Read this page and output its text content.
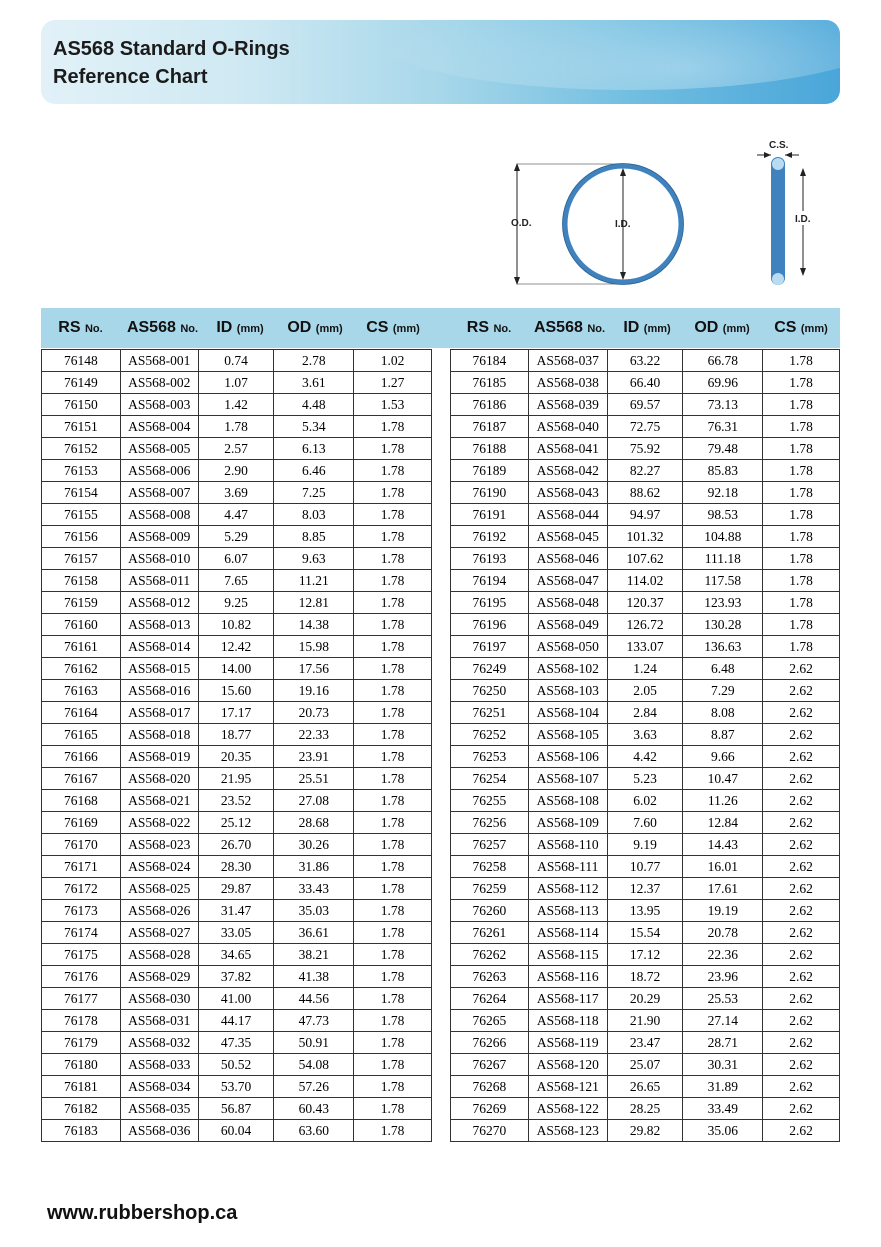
AS568 Standard O-Rings
Reference Chart
O.D.	I.D.
C.S.
I.D.
RS No.	AS568 No.	ID (mm)	OD (mm)	CS (mm)	RS No.	AS568 No.	ID (mm)	OD (mm)	CS (mm)
76148	AS568-001	0.74	2.78	1.02
76149	AS568-002	1.07	3.61	1.27
76150	AS568-003	1.42	4.48	1.53
76151	AS568-004	1.78	5.34	1.78
76152	AS568-005	2.57	6.13	1.78
76153	AS568-006	2.90	6.46	1.78
76154	AS568-007	3.69	7.25	1.78
76155	AS568-008	4.47	8.03	1.78
76156	AS568-009	5.29	8.85	1.78
76157	AS568-010	6.07	9.63	1.78
76158	AS568-011	7.65	11.21	1.78
76159	AS568-012	9.25	12.81	1.78
76160	AS568-013	10.82	14.38	1.78
76161	AS568-014	12.42	15.98	1.78
76162	AS568-015	14.00	17.56	1.78
76163	AS568-016	15.60	19.16	1.78
76164	AS568-017	17.17	20.73	1.78
76165	AS568-018	18.77	22.33	1.78
76166	AS568-019	20.35	23.91	1.78
76167	AS568-020	21.95	25.51	1.78
76168	AS568-021	23.52	27.08	1.78
76169	AS568-022	25.12	28.68	1.78
76170	AS568-023	26.70	30.26	1.78
76171	AS568-024	28.30	31.86	1.78
76172	AS568-025	29.87	33.43	1.78
76173	AS568-026	31.47	35.03	1.78
76174	AS568-027	33.05	36.61	1.78
76175	AS568-028	34.65	38.21	1.78
76176	AS568-029	37.82	41.38	1.78
76177	AS568-030	41.00	44.56	1.78
76178	AS568-031	44.17	47.73	1.78
76179	AS568-032	47.35	50.91	1.78
76180	AS568-033	50.52	54.08	1.78
76181	AS568-034	53.70	57.26	1.78
76182	AS568-035	56.87	60.43	1.78
76183	AS568-036	60.04	63.60	1.78
76184	AS568-037	63.22	66.78	1.78
76185	AS568-038	66.40	69.96	1.78
76186	AS568-039	69.57	73.13	1.78
76187	AS568-040	72.75	76.31	1.78
76188	AS568-041	75.92	79.48	1.78
76189	AS568-042	82.27	85.83	1.78
76190	AS568-043	88.62	92.18	1.78
76191	AS568-044	94.97	98.53	1.78
76192	AS568-045	101.32	104.88	1.78
76193	AS568-046	107.62	111.18	1.78
76194	AS568-047	114.02	117.58	1.78
76195	AS568-048	120.37	123.93	1.78
76196	AS568-049	126.72	130.28	1.78
76197	AS568-050	133.07	136.63	1.78
76249	AS568-102	1.24	6.48	2.62
76250	AS568-103	2.05	7.29	2.62
76251	AS568-104	2.84	8.08	2.62
76252	AS568-105	3.63	8.87	2.62
76253	AS568-106	4.42	9.66	2.62
76254	AS568-107	5.23	10.47	2.62
76255	AS568-108	6.02	11.26	2.62
76256	AS568-109	7.60	12.84	2.62
76257	AS568-110	9.19	14.43	2.62
76258	AS568-111	10.77	16.01	2.62
76259	AS568-112	12.37	17.61	2.62
76260	AS568-113	13.95	19.19	2.62
76261	AS568-114	15.54	20.78	2.62
76262	AS568-115	17.12	22.36	2.62
76263	AS568-116	18.72	23.96	2.62
76264	AS568-117	20.29	25.53	2.62
76265	AS568-118	21.90	27.14	2.62
76266	AS568-119	23.47	28.71	2.62
76267	AS568-120	25.07	30.31	2.62
76268	AS568-121	26.65	31.89	2.62
76269	AS568-122	28.25	33.49	2.62
76270	AS568-123	29.82	35.06	2.62
www.rubbershop.ca
